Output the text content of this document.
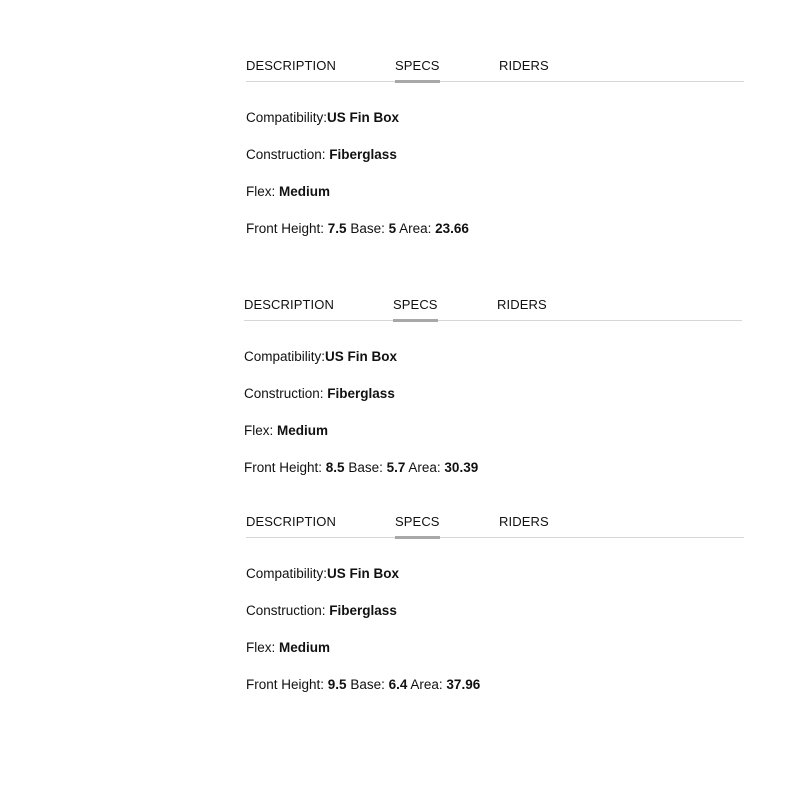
DESCRIPTION	SPECS	RIDERS
Compatibility:US Fin Box
Construction: Fiberglass
Flex: Medium
Front Height: 7.5 Base: 5 Area: 23.66
DESCRIPTION	SPECS	RIDERS
Compatibility:US Fin Box
Construction: Fiberglass
Flex: Medium
Front Height: 8.5 Base: 5.7 Area: 30.39
DESCRIPTION	SPECS	RIDERS
Compatibility:US Fin Box
Construction: Fiberglass
Flex: Medium
Front Height: 9.5 Base: 6.4 Area: 37.96
